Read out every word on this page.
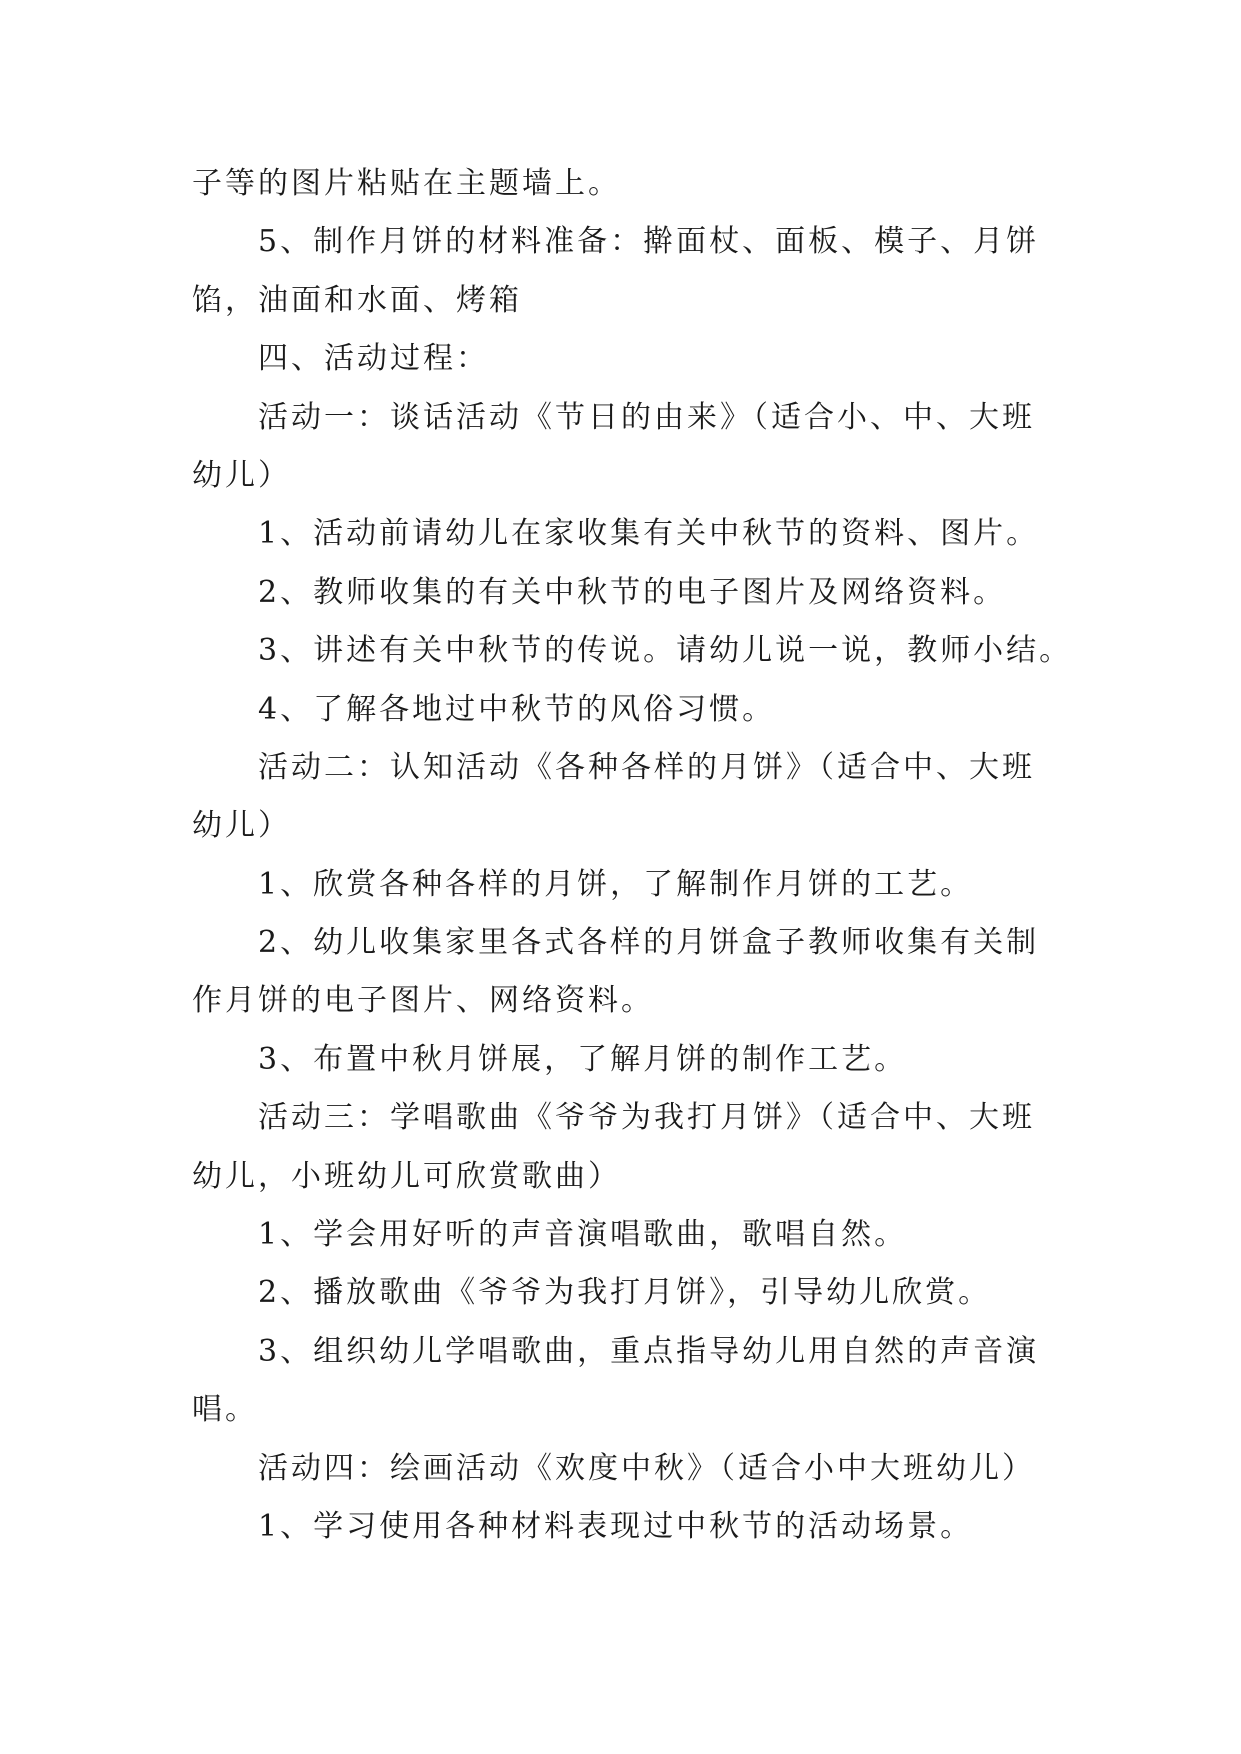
子等的图片粘贴在主题墙上。
5、制作月饼的材料准备：擀面杖、面板、模子、月饼
馅，油面和水面、烤箱
四、活动过程：
活动一：谈话活动《节日的由来》（适合小、中、大班
幼儿）
1、活动前请幼儿在家收集有关中秋节的资料、图片。
2、教师收集的有关中秋节的电子图片及网络资料。
3、讲述有关中秋节的传说。请幼儿说一说，教师小结。
4、了解各地过中秋节的风俗习惯。
活动二：认知活动《各种各样的月饼》（适合中、大班
幼儿）
1、欣赏各种各样的月饼，了解制作月饼的工艺。
2、幼儿收集家里各式各样的月饼盒子教师收集有关制
作月饼的电子图片、网络资料。
3、布置中秋月饼展，了解月饼的制作工艺。
活动三：学唱歌曲《爷爷为我打月饼》（适合中、大班
幼儿，小班幼儿可欣赏歌曲）
1、学会用好听的声音演唱歌曲，歌唱自然。
2、播放歌曲《爷爷为我打月饼》，引导幼儿欣赏。
3、组织幼儿学唱歌曲，重点指导幼儿用自然的声音演
唱。
活动四：绘画活动《欢度中秋》（适合小中大班幼儿）
1、学习使用各种材料表现过中秋节的活动场景。
